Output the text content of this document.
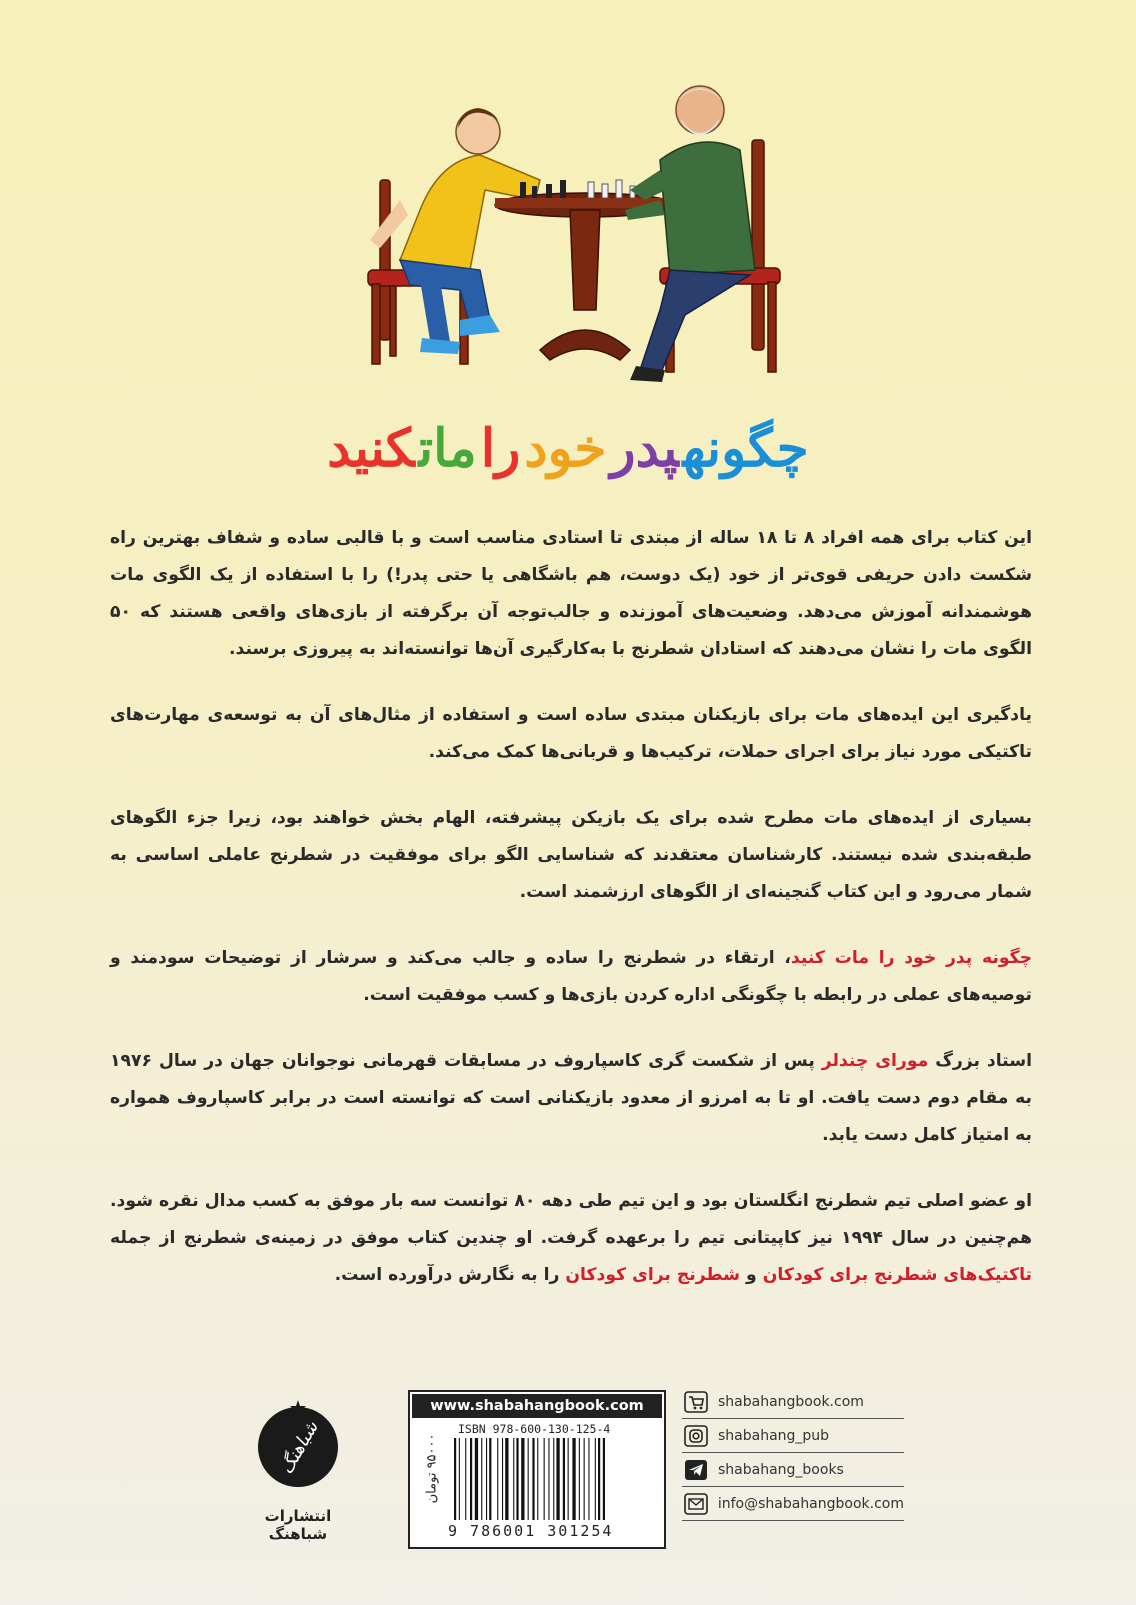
چگونهپدرخودراماتکنید

این کتاب برای همه افراد ۸ تا ۱۸ ساله از مبتدی تا استادی مناسب است و با قالبی ساده و شفاف بهترین راه شکست دادن حریفی قوی‌تر از خود (یک دوست، هم باشگاهی یا حتی پدر!) را با استفاده از یک الگوی مات هوشمندانه آموزش می‌دهد. وضعیت‌های آموزنده و جالب‌توجه آن برگرفته از بازی‌های واقعی هستند که ۵۰ الگوی مات را نشان می‌دهند که استادان شطرنج با به‌کارگیری آن‌ها توانسته‌اند به پیروزی برسند.

یادگیری این ایده‌های مات برای بازیکنان مبتدی ساده است و استفاده از مثال‌های آن به توسعه‌ی مهارت‌های تاکتیکی مورد نیاز برای اجرای حملات، ترکیب‌ها و قربانی‌ها کمک می‌کند.

بسیاری از ایده‌های مات مطرح شده برای یک بازیکن پیشرفته، الهام بخش خواهند بود، زیرا جزء الگوهای طبقه‌بندی شده نیستند. کارشناسان معتقدند که شناسایی الگو برای موفقیت در شطرنج عاملی اساسی به شمار می‌رود و این کتاب گنجینه‌ای از الگوهای ارزشمند است.

چگونه پدر خود را مات کنید، ارتقاء در شطرنج را ساده و جالب می‌کند و سرشار از توضیحات سودمند و توصیه‌های عملی در رابطه با چگونگی اداره کردن بازی‌ها و کسب موفقیت است.

استاد بزرگ مورای چندلر پس از شکست گری کاسپاروف در مسابقات قهرمانی نوجوانان جهان در سال ۱۹۷۶ به مقام دوم دست یافت. او تا به امرزو از معدود بازیکنانی است که توانسته است در برابر کاسپاروف همواره به امتیاز کامل دست یابد.

او عضو اصلی تیم شطرنج انگلستان بود و این تیم طی دهه ۸۰ توانست سه بار موفق به کسب مدال نقره شود. هم‌چنین در سال ۱۹۹۴ نیز کاپیتانی تیم را برعهده گرفت. او چندین کتاب موفق در زمینه‌ی شطرنج از جمله تاکتیک‌های شطرنج برای کودکان و شطرنج برای کودکان را به نگارش درآورده است.

شباهنگ
انتشارات شباهنگ
www.shabahangbook.com
ISBN 978-600-130-125-4
۹۵۰۰۰ تومان
9 786001 301254
shabahangbook.com
shabahang_pub
shabahang_books
info@shabahangbook.com
